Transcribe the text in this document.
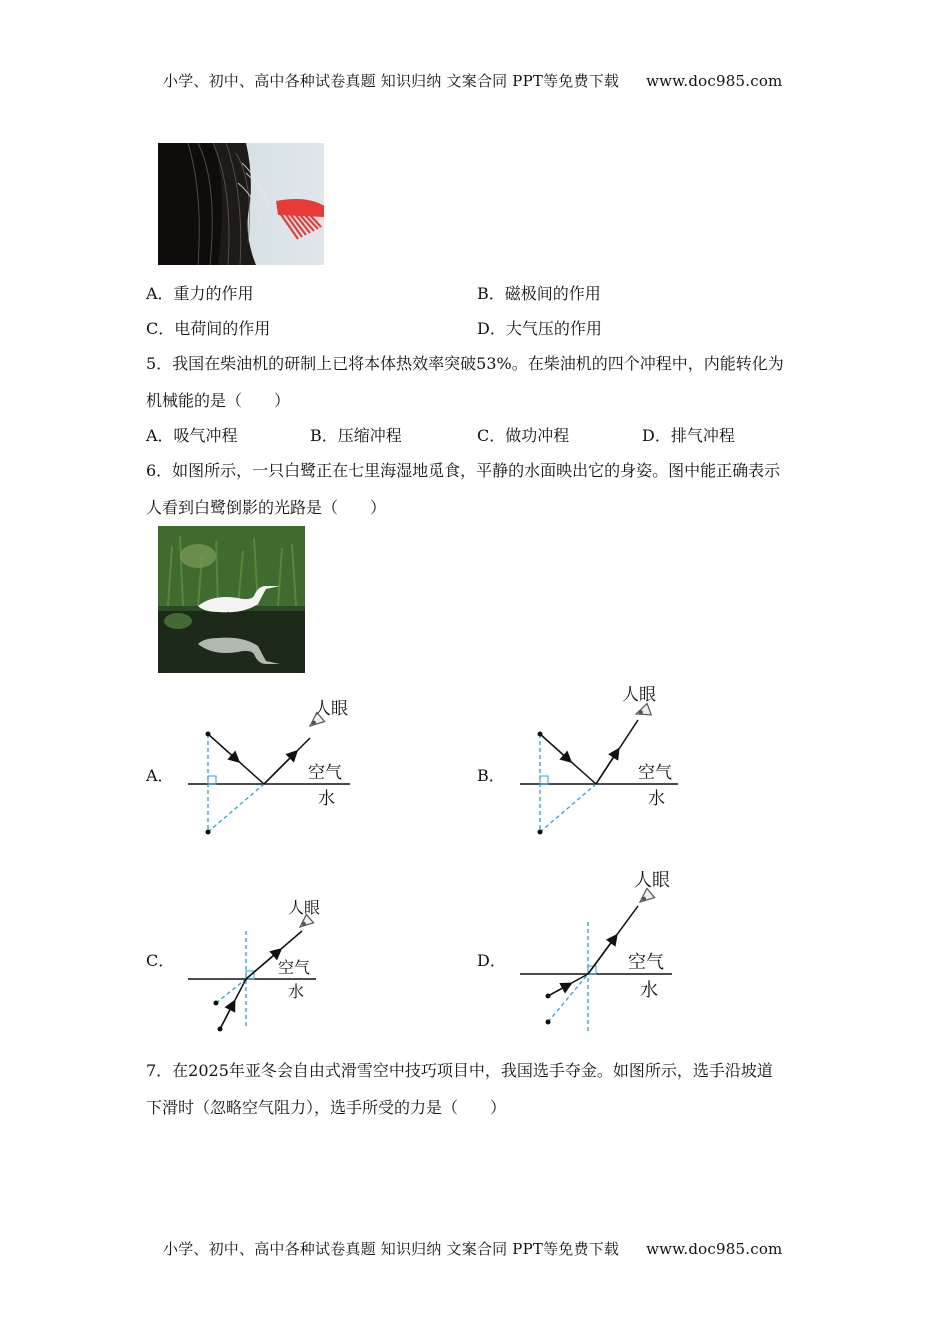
小学、初中、高中各种试卷真题 知识归纳 文案合同 PPT等免费下载 www.doc985.com
A．重力的作用	B．磁极间的作用
C．电荷间的作用	D．大气压的作用
5．我国在柴油机的研制上已将本体热效率突破53%。在柴油机的四个冲程中，内能转化为
机械能的是（　　）
A．吸气冲程	B．压缩冲程	C．做功冲程	D．排气冲程
6．如图所示，一只白鹭正在七里海湿地觅食，平静的水面映出它的身姿。图中能正确表示
人看到白鹭倒影的光路是（　　）
A．	B．
C．	D．
人眼
空气
水
人眼
空气
水
人眼
空气
水
人眼
空气
水
7．在2025年亚冬会自由式滑雪空中技巧项目中，我国选手夺金。如图所示，选手沿坡道
下滑时（忽略空气阻力），选手所受的力是（　　）
小学、初中、高中各种试卷真题 知识归纳 文案合同 PPT等免费下载 www.doc985.com
